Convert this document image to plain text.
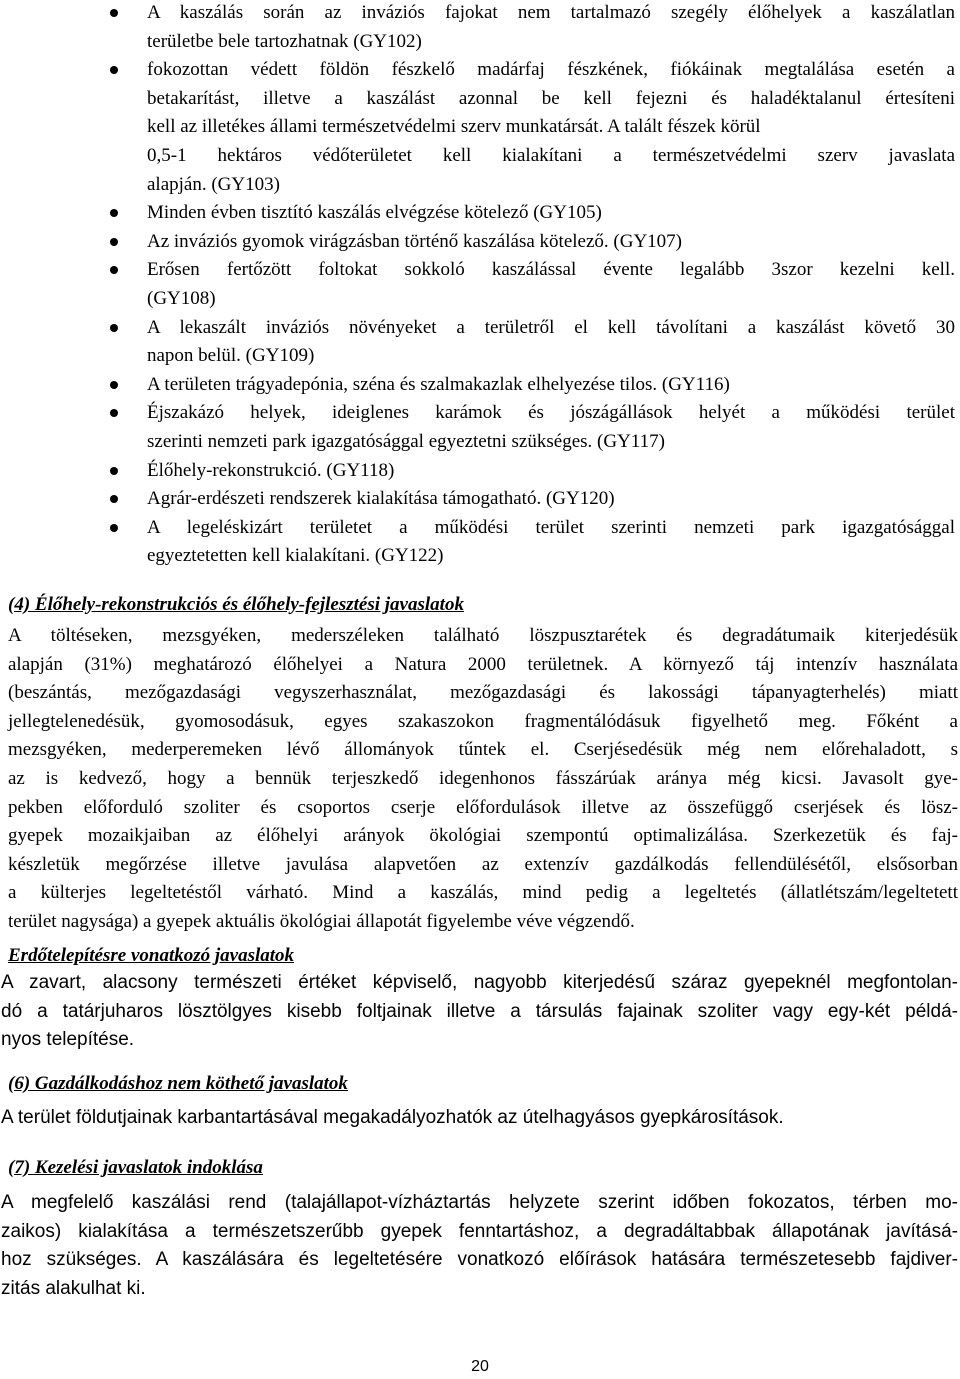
A kaszálás során az inváziós fajokat nem tartalmazó szegély élőhelyek a kaszálatlan
területbe bele tartozhatnak (GY102)
fokozottan védett földön fészkelő madárfaj fészkének, fiókáinak megtalálása esetén a
betakarítást, illetve a kaszálást azonnal be kell fejezni és haladéktalanul értesíteni
kell az illetékes állami természetvédelmi szerv munkatársát. A talált fészek körül
0,5-1 hektáros védőterületet kell kialakítani a természetvédelmi szerv javaslata
alapján. (GY103)
Minden évben tisztító kaszálás elvégzése kötelező (GY105)
Az inváziós gyomok virágzásban történő kaszálása kötelező. (GY107)
Erősen fertőzött foltokat sokkoló kaszálással évente legalább 3szor kezelni kell.
(GY108)
A lekaszált inváziós növényeket a területről el kell távolítani a kaszálást követő 30
napon belül. (GY109)
A területen trágyadepónia, széna és szalmakazlak elhelyezése tilos. (GY116)
Éjszakázó helyek, ideiglenes karámok és jószágállások helyét a működési terület
szerinti nemzeti park igazgatósággal egyeztetni szükséges. (GY117)
Élőhely-rekonstrukció. (GY118)
Agrár-erdészeti rendszerek kialakítása támogatható. (GY120)
A legeléskizárt területet a működési terület szerinti nemzeti park igazgatósággal
egyeztetetten kell kialakítani. (GY122)
(4) Élőhely-rekonstrukciós és élőhely-fejlesztési javaslatok
A töltéseken, mezsgyéken, mederszéleken található löszpusztarétek és degradátumaik kiterjedésük
alapján (31%) meghatározó élőhelyei a Natura 2000 területnek. A környező táj intenzív használata
(beszántás, mezőgazdasági vegyszerhasználat, mezőgazdasági és lakossági tápanyagterhelés) miatt
jellegtelenedésük, gyomosodásuk, egyes szakaszokon fragmentálódásuk figyelhető meg. Főként a
mezsgyéken, mederperemeken lévő állományok tűntek el. Cserjésedésük még nem előrehaladott, s
az is kedvező, hogy a bennük terjeszkedő idegenhonos fásszárúak aránya még kicsi. Javasolt gye-
pekben előforduló szoliter és csoportos cserje előfordulások illetve az összefüggő cserjések és lösz-
gyepek mozaikjaiban az élőhelyi arányok ökológiai szempontú optimalizálása. Szerkezetük és faj-
készletük megőrzése illetve javulása alapvetően az extenzív gazdálkodás fellendülésétől, elsősorban
a külterjes legeltetéstől várható. Mind a kaszálás, mind pedig a legeltetés (állatlétszám/legeltetett
terület nagysága) a gyepek aktuális ökológiai állapotát figyelembe véve végzendő.
Erdőtelepítésre vonatkozó javaslatok
A zavart, alacsony természeti értéket képviselő, nagyobb kiterjedésű száraz gyepeknél megfontolan-
dó a tatárjuharos lösztölgyes kisebb foltjainak illetve a társulás fajainak szoliter vagy egy-két példá-
nyos telepítése.
(6) Gazdálkodáshoz nem köthető javaslatok
A terület földutjainak karbantartásával megakadályozhatók az útelhagyásos gyepkárosítások.
(7) Kezelési javaslatok indoklása
A megfelelő kaszálási rend (talajállapot-vízháztartás helyzete szerint időben fokozatos, térben mo-
zaikos) kialakítása a természetszerűbb gyepek fenntartáshoz, a degradáltabbak állapotának javításá-
hoz szükséges. A kaszálására és legeltetésére vonatkozó előírások hatására természetesebb fajdiver-
zitás alakulhat ki.
20
